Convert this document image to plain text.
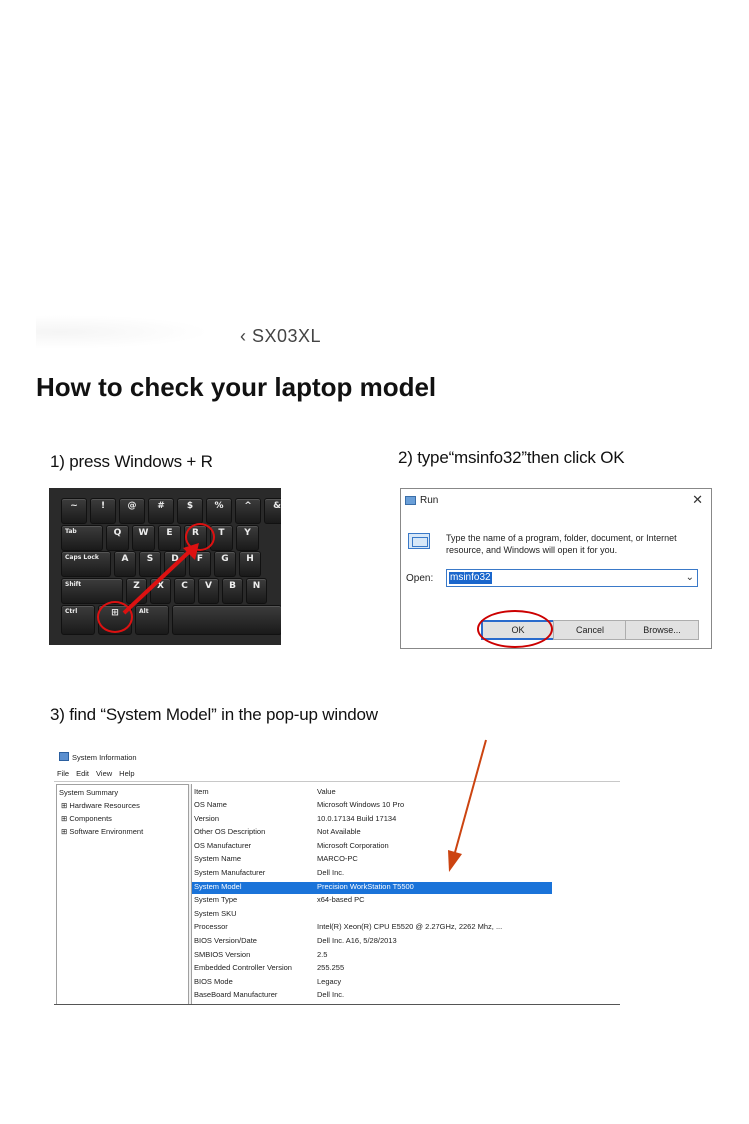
‹ SX03XL
How to check your laptop model
1) press Windows + R	2) type“msinfo32”then click OK
3) find “System Model” in the pop-up window
~	!	@	#	$	%	^	&
Tab	Q	W	E	R	T	Y
Caps Lock	A	S	D	F	G	H
Shift	Z	X	C	V	B	N
Ctrl	⊞	Alt
Run	✕
Type the name of a program, folder, document, or Internet resource, and Windows will open it for you.
Open: msinfo32	⌄
OK	Cancel	Browse...
System Information
File Edit View Help
System Summary
⊞ Hardware Resources
⊞ Components
⊞ Software Environment
Item	Value
OS Name	Microsoft Windows 10 Pro
Version	10.0.17134 Build 17134
Other OS Description	Not Available
OS Manufacturer	Microsoft Corporation
System Name	MARCO-PC
System Manufacturer	Dell Inc.
System Model	Precision WorkStation T5500
System Type	x64-based PC
System SKU
Processor	Intel(R) Xeon(R) CPU E5520 @ 2.27GHz, 2262 Mhz, ...
BIOS Version/Date	Dell Inc. A16, 5/28/2013
SMBIOS Version	2.5
Embedded Controller Version	255.255
BIOS Mode	Legacy
BaseBoard Manufacturer	Dell Inc.
